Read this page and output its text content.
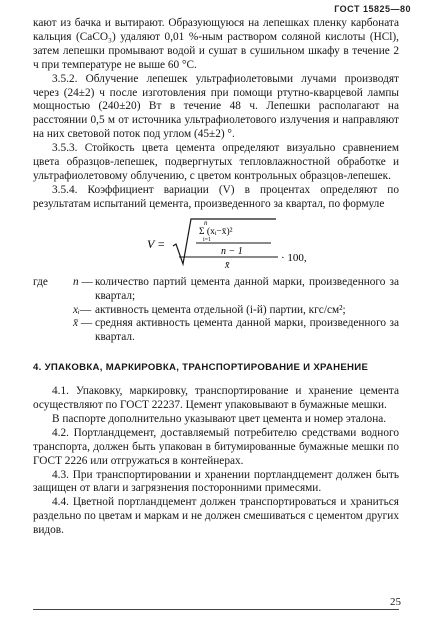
ГОСТ 15825—80

кают из бачка и вытирают. Образующуюся на лепешках пленку карбоната кальция (CaCO₃) удаляют 0,01 %-ным раствором соляной кислоты (HCl), затем лепешки промывают водой и сушат в сушильном шкафу в течение 2 ч при температуре не выше 60 °С.

3.5.2. Облучение лепешек ультрафиолетовыми лучами производят через (24±2) ч после изготовления при помощи ртутно-кварцевой лампы мощностью (240±20) Вт в течение 48 ч. Лепешки располагают на расстоянии 0,5 м от источника ультрафиолетового излучения и направляют на них световой поток под углом (45±2) °.

3.5.3. Стойкость цвета цемента определяют визуально сравнением цвета образцов-лепешек, подвергнутых тепловлажностной обработке и ультрафиолетовому облучению, с цветом контрольных образцов-лепешек.

3.5.4. Коэффициент вариации (V) в процентах определяют по результатам испытаний цемента, произведенного за квартал, по формуле

V =
n
Σ (xᵢ−x̄)²
i=1
n − 1
x̄
· 100,
где	n — количество партий цемента данной марки, произведенного за квартал;
xᵢ— активность цемента отдельной (i-й) партии, кгс/см²;
x̄ — средняя активность цемента данной марки, произведенного за квартал.
4. УПАКОВКА, МАРКИРОВКА, ТРАНСПОРТИРОВАНИЕ И ХРАНЕНИЕ

4.1. Упаковку, маркировку, транспортирование и хранение цемента осуществляют по ГОСТ 22237. Цемент упаковывают в бумажные мешки.

В паспорте дополнительно указывают цвет цемента и номер эталона.

4.2. Портландцемент, доставляемый потребителю средствами водного транспорта, должен быть упакован в битумированные бумажные мешки по ГОСТ 2226 или отгружаться в контейнерах.

4.3. При транспортировании и хранении портландцемент должен быть защищен от влаги и загрязнения посторонними примесями.

4.4. Цветной портландцемент должен транспортироваться и храниться раздельно по цветам и маркам и не должен смешиваться с цементом других видов.

25
